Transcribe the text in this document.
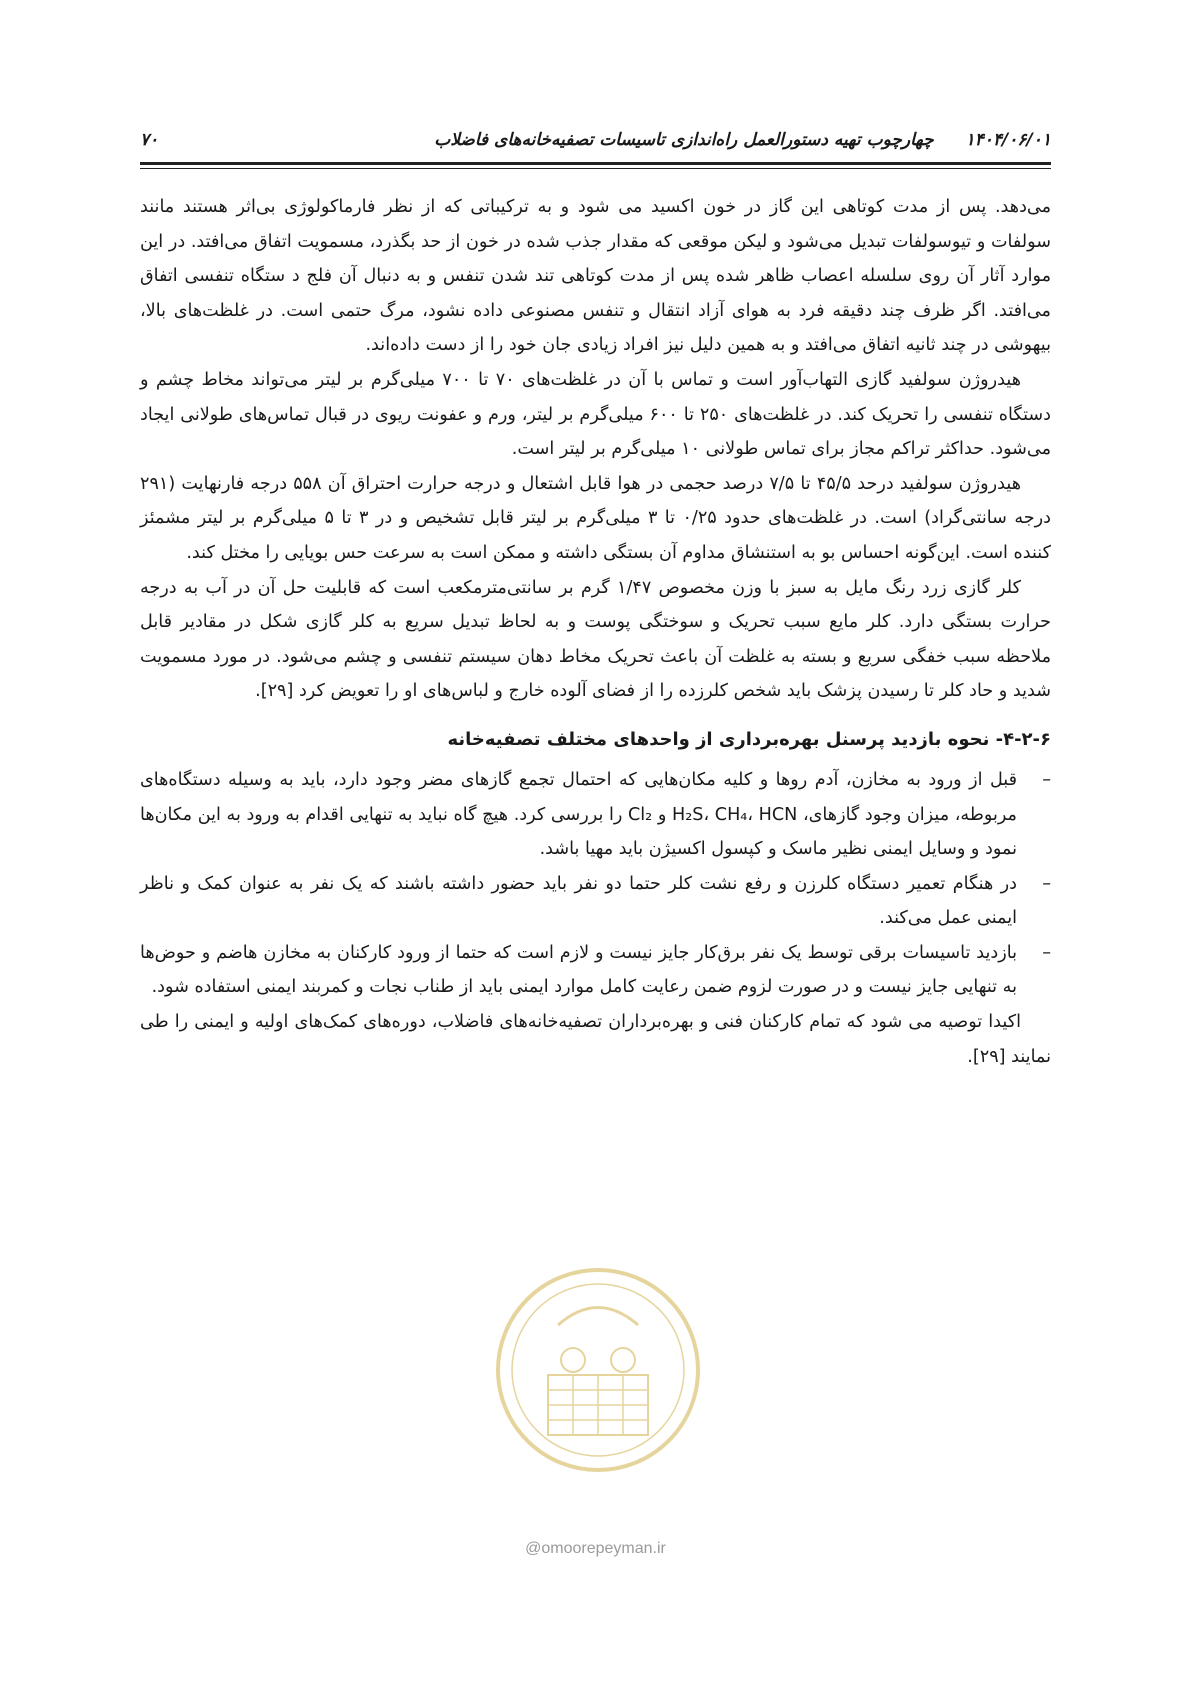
۷۰	۱۴۰۴/۰۶/۰۱ چهارچوب تهیه دستورالعمل راه‌اندازی تاسیسات تصفیه‌خانه‌های فاضلاب

می‌دهد. پس از مدت کوتاهی این گاز در خون اکسید می شود و به ترکیباتی که از نظر فارماکولوژی بی‌اثر هستند مانند سولفات و تیوسولفات تبدیل می‌شود و لیکن موقعی که مقدار جذب شده در خون از حد بگذرد، مسمویت اتفاق می‌افتد. در این موارد آثار آن روی سلسله اعصاب ظاهر شده پس از مدت کوتاهی تند شدن تنفس و به دنبال آن فلج د ستگاه تنفسی اتفاق می‌افتد. اگر ظرف چند دقیقه فرد به هوای آزاد انتقال و تنفس مصنوعی داده نشود، مرگ حتمی است. در غلظت‌های بالا، بیهوشی در چند ثانیه اتفاق می‌افتد و به همین دلیل نیز افراد زیادی جان خود را از دست داده‌اند.

هیدروژن سولفید گازی التهاب‌آور است و تماس با آن در غلظت‌های ۷۰ تا ۷۰۰ میلی‌گرم بر لیتر می‌تواند مخاط چشم و دستگاه تنفسی را تحریک کند. در غلظت‌های ۲۵۰ تا ۶۰۰ میلی‌گرم بر لیتر، ورم و عفونت ریوی در قبال تماس‌های طولانی ایجاد می‌شود. حداکثر تراکم مجاز برای تماس طولانی ۱۰ میلی‌گرم بر لیتر است.

هیدروژن سولفید درحد ۴۵/۵ تا ۷/۵ درصد حجمی در هوا قابل اشتعال و درجه حرارت احتراق آن ۵۵۸ درجه فارنهایت (۲۹۱ درجه سانتی‌گراد) است. در غلظت‌های حدود ۰/۲۵ تا ۳ میلی‌گرم بر لیتر قابل تشخیص و در ۳ تا ۵ میلی‌گرم بر لیتر مشمئز کننده است. این‌گونه احساس بو به استنشاق مداوم آن بستگی داشته و ممکن است به سرعت حس بویایی را مختل کند.

کلر گازی زرد رنگ مایل به سبز با وزن مخصوص ۱/۴۷ گرم بر سانتی‌مترمکعب است که قابلیت حل آن در آب به درجه حرارت بستگی دارد. کلر مایع سبب تحریک و سوختگی پوست و به لحاظ تبدیل سریع به کلر گازی شکل در مقادیر قابل ملاحظه سبب خفگی سریع و بسته به غلظت آن باعث تحریک مخاط دهان سیستم تنفسی و چشم می‌شود. در مورد مسمویت شدید و حاد کلر تا رسیدن پزشک باید شخص کلرزده را از فضای آلوده خارج و لباس‌های او را تعویض کرد [۲۹].

۴-۲-۶- نحوه بازدید پرسنل بهره‌برداری از واحدهای مختلف تصفیه‌خانه
–
قبل از ورود به مخازن، آدم روها و کلیه مکان‌هایی که احتمال تجمع گازهای مضر وجود دارد، باید به وسیله دستگاه‌های مربوطه، میزان وجود گازهای، H₂S، CH₄، HCN و Cl₂ را بررسی کرد. هیچ گاه نباید به تنهایی اقدام به ورود به این مکان‌ها نمود و وسایل ایمنی نظیر ماسک و کپسول اکسیژن باید مهیا باشد.
–
در هنگام تعمیر دستگاه کلرزن و رفع نشت کلر حتما دو نفر باید حضور داشته باشند که یک نفر به عنوان کمک و ناظر ایمنی عمل می‌کند.
–
بازدید تاسیسات برقی توسط یک نفر برق‌کار جایز نیست و لازم است که حتما از ورود کارکنان به مخازن هاضم و حوض‌ها به تنهایی جایز نیست و در صورت لزوم ضمن رعایت کامل موارد ایمنی باید از طناب نجات و کمربند ایمنی استفاده شود.

اکیدا توصیه می شود که تمام کارکنان فنی و بهره‌برداران تصفیه‌خانه‌های فاضلاب، دوره‌های کمک‌های اولیه و ایمنی را طی نمایند [۲۹].

@omoorepeyman.ir
